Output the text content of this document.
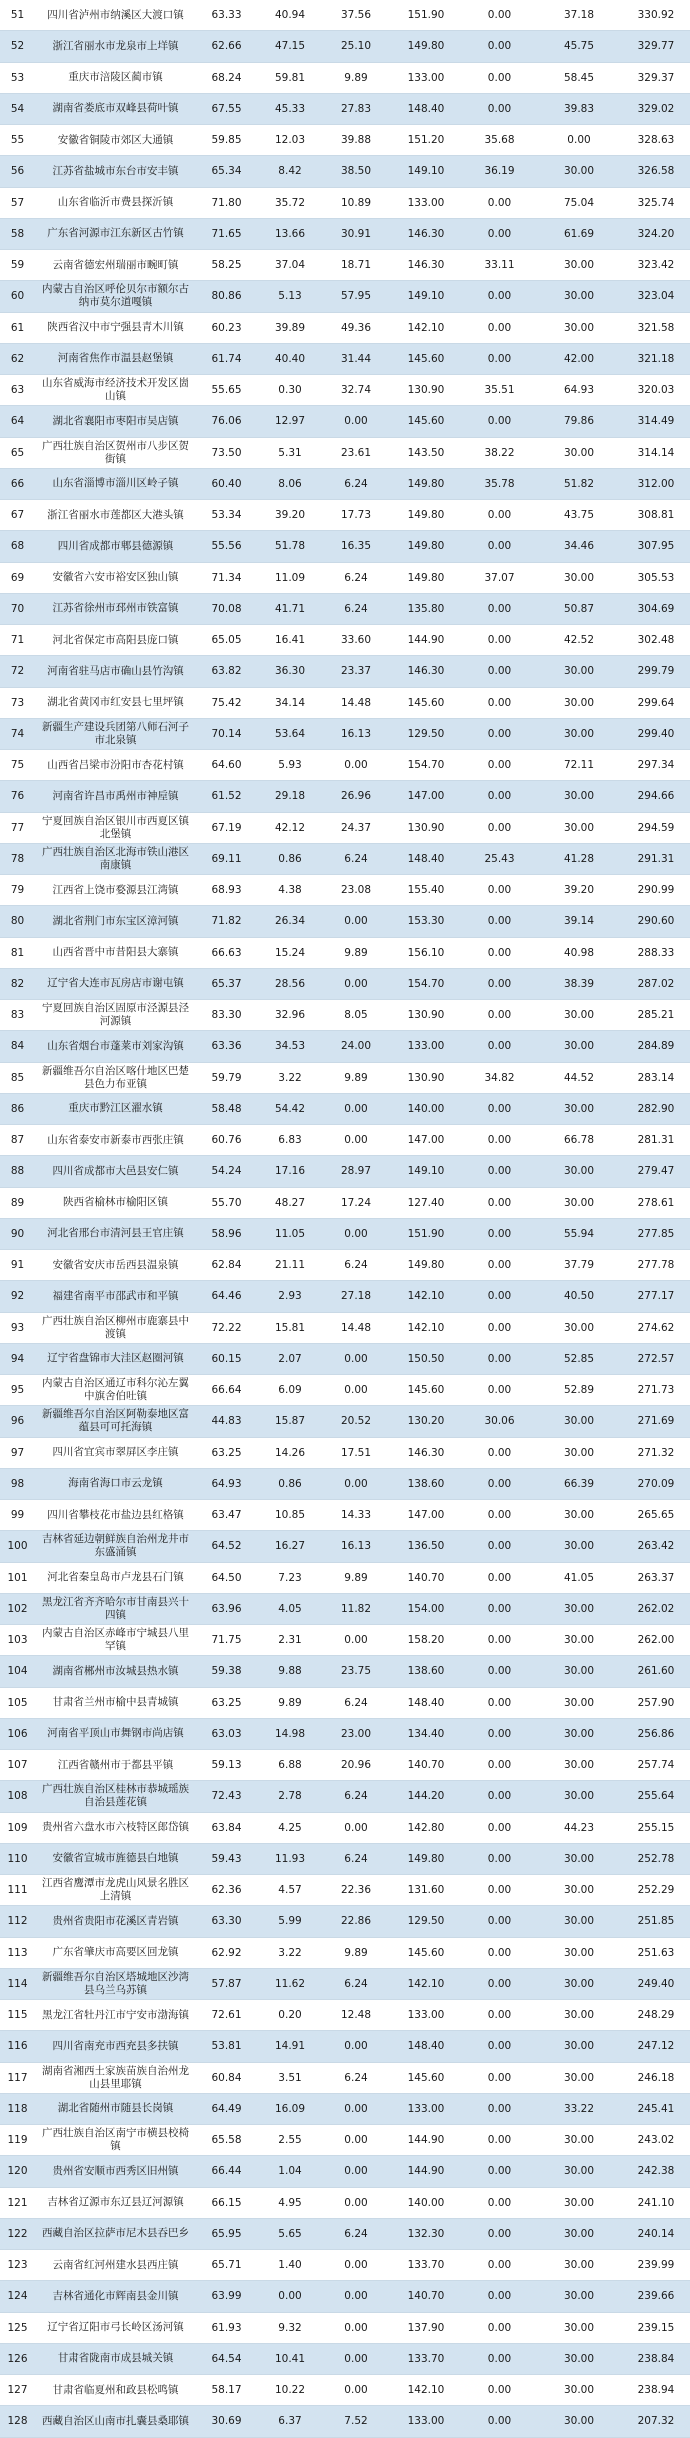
51	四川省泸州市纳溪区大渡口镇	63.33	40.94	37.56	151.90	0.00	37.18	330.92
52	浙江省丽水市龙泉市上垟镇	62.66	47.15	25.10	149.80	0.00	45.75	329.77
53	重庆市涪陵区蔺市镇	68.24	59.81	9.89	133.00	0.00	58.45	329.37
54	湖南省娄底市双峰县荷叶镇	67.55	45.33	27.83	148.40	0.00	39.83	329.02
55	安徽省铜陵市郊区大通镇	59.85	12.03	39.88	151.20	35.68	0.00	328.63
56	江苏省盐城市东台市安丰镇	65.34	8.42	38.50	149.10	36.19	30.00	326.58
57	山东省临沂市费县探沂镇	71.80	35.72	10.89	133.00	0.00	75.04	325.74
58	广东省河源市江东新区古竹镇	71.65	13.66	30.91	146.30	0.00	61.69	324.20
59	云南省德宏州瑞丽市畹町镇	58.25	37.04	18.71	146.30	33.11	30.00	323.42
60	内蒙古自治区呼伦贝尔市额尔古纳市莫尔道嘎镇	80.86	5.13	57.95	149.10	0.00	30.00	323.04
61	陕西省汉中市宁强县青木川镇	60.23	39.89	49.36	142.10	0.00	30.00	321.58
62	河南省焦作市温县赵堡镇	61.74	40.40	31.44	145.60	0.00	42.00	321.18
63	山东省威海市经济技术开发区崮山镇	55.65	0.30	32.74	130.90	35.51	64.93	320.03
64	湖北省襄阳市枣阳市吴店镇	76.06	12.97	0.00	145.60	0.00	79.86	314.49
65	广西壮族自治区贺州市八步区贺街镇	73.50	5.31	23.61	143.50	38.22	30.00	314.14
66	山东省淄博市淄川区岭子镇	60.40	8.06	6.24	149.80	35.78	51.82	312.00
67	浙江省丽水市莲都区大港头镇	53.34	39.20	17.73	149.80	0.00	43.75	308.81
68	四川省成都市郫县德源镇	55.56	51.78	16.35	149.80	0.00	34.46	307.95
69	安徽省六安市裕安区独山镇	71.34	11.09	6.24	149.80	37.07	30.00	305.53
70	江苏省徐州市邳州市铁富镇	70.08	41.71	6.24	135.80	0.00	50.87	304.69
71	河北省保定市高阳县庞口镇	65.05	16.41	33.60	144.90	0.00	42.52	302.48
72	河南省驻马店市确山县竹沟镇	63.82	36.30	23.37	146.30	0.00	30.00	299.79
73	湖北省黄冈市红安县七里坪镇	75.42	34.14	14.48	145.60	0.00	30.00	299.64
74	新疆生产建设兵团第八师石河子市北泉镇	70.14	53.64	16.13	129.50	0.00	30.00	299.40
75	山西省吕梁市汾阳市杏花村镇	64.60	5.93	0.00	154.70	0.00	72.11	297.34
76	河南省许昌市禹州市神垕镇	61.52	29.18	26.96	147.00	0.00	30.00	294.66
77	宁夏回族自治区银川市西夏区镇北堡镇	67.19	42.12	24.37	130.90	0.00	30.00	294.59
78	广西壮族自治区北海市铁山港区南康镇	69.11	0.86	6.24	148.40	25.43	41.28	291.31
79	江西省上饶市婺源县江湾镇	68.93	4.38	23.08	155.40	0.00	39.20	290.99
80	湖北省荆门市东宝区漳河镇	71.82	26.34	0.00	153.30	0.00	39.14	290.60
81	山西省晋中市昔阳县大寨镇	66.63	15.24	9.89	156.10	0.00	40.98	288.33
82	辽宁省大连市瓦房店市谢屯镇	65.37	28.56	0.00	154.70	0.00	38.39	287.02
83	宁夏回族自治区固原市泾源县泾河源镇	83.30	32.96	8.05	130.90	0.00	30.00	285.21
84	山东省烟台市蓬莱市刘家沟镇	63.36	34.53	24.00	133.00	0.00	30.00	284.89
85	新疆维吾尔自治区喀什地区巴楚县色力布亚镇	59.79	3.22	9.89	130.90	34.82	44.52	283.14
86	重庆市黔江区濯水镇	58.48	54.42	0.00	140.00	0.00	30.00	282.90
87	山东省泰安市新泰市西张庄镇	60.76	6.83	0.00	147.00	0.00	66.78	281.31
88	四川省成都市大邑县安仁镇	54.24	17.16	28.97	149.10	0.00	30.00	279.47
89	陕西省榆林市榆阳区镇	55.70	48.27	17.24	127.40	0.00	30.00	278.61
90	河北省邢台市清河县王官庄镇	58.96	11.05	0.00	151.90	0.00	55.94	277.85
91	安徽省安庆市岳西县温泉镇	62.84	21.11	6.24	149.80	0.00	37.79	277.78
92	福建省南平市邵武市和平镇	64.46	2.93	27.18	142.10	0.00	40.50	277.17
93	广西壮族自治区柳州市鹿寨县中渡镇	72.22	15.81	14.48	142.10	0.00	30.00	274.62
94	辽宁省盘锦市大洼区赵圈河镇	60.15	2.07	0.00	150.50	0.00	52.85	272.57
95	内蒙古自治区通辽市科尔沁左翼中旗舍伯吐镇	66.64	6.09	0.00	145.60	0.00	52.89	271.73
96	新疆维吾尔自治区阿勒泰地区富蕴县可可托海镇	44.83	15.87	20.52	130.20	30.06	30.00	271.69
97	四川省宜宾市翠屏区李庄镇	63.25	14.26	17.51	146.30	0.00	30.00	271.32
98	海南省海口市云龙镇	64.93	0.86	0.00	138.60	0.00	66.39	270.09
99	四川省攀枝花市盐边县红格镇	63.47	10.85	14.33	147.00	0.00	30.00	265.65
100	吉林省延边朝鲜族自治州龙井市东盛涌镇	64.52	16.27	16.13	136.50	0.00	30.00	263.42
101	河北省秦皇岛市卢龙县石门镇	64.50	7.23	9.89	140.70	0.00	41.05	263.37
102	黑龙江省齐齐哈尔市甘南县兴十四镇	63.96	4.05	11.82	154.00	0.00	30.00	262.02
103	内蒙古自治区赤峰市宁城县八里罕镇	71.75	2.31	0.00	158.20	0.00	30.00	262.00
104	湖南省郴州市汝城县热水镇	59.38	9.88	23.75	138.60	0.00	30.00	261.60
105	甘肃省兰州市榆中县青城镇	63.25	9.89	6.24	148.40	0.00	30.00	257.90
106	河南省平顶山市舞钢市尚店镇	63.03	14.98	23.00	134.40	0.00	30.00	256.86
107	江西省赣州市于都县平镇	59.13	6.88	20.96	140.70	0.00	30.00	257.74
108	广西壮族自治区桂林市恭城瑶族自治县莲花镇	72.43	2.78	6.24	144.20	0.00	30.00	255.64
109	贵州省六盘水市六枝特区郎岱镇	63.84	4.25	0.00	142.80	0.00	44.23	255.15
110	安徽省宣城市旌德县白地镇	59.43	11.93	6.24	149.80	0.00	30.00	252.78
111	江西省鹰潭市龙虎山风景名胜区上清镇	62.36	4.57	22.36	131.60	0.00	30.00	252.29
112	贵州省贵阳市花溪区青岩镇	63.30	5.99	22.86	129.50	0.00	30.00	251.85
113	广东省肇庆市高要区回龙镇	62.92	3.22	9.89	145.60	0.00	30.00	251.63
114	新疆维吾尔自治区塔城地区沙湾县乌兰乌苏镇	57.87	11.62	6.24	142.10	0.00	30.00	249.40
115	黑龙江省牡丹江市宁安市渤海镇	72.61	0.20	12.48	133.00	0.00	30.00	248.29
116	四川省南充市西充县多扶镇	53.81	14.91	0.00	148.40	0.00	30.00	247.12
117	湖南省湘西土家族苗族自治州龙山县里耶镇	60.84	3.51	6.24	145.60	0.00	30.00	246.18
118	湖北省随州市随县长岗镇	64.49	16.09	0.00	133.00	0.00	33.22	245.41
119	广西壮族自治区南宁市横县校椅镇	65.58	2.55	0.00	144.90	0.00	30.00	243.02
120	贵州省安顺市西秀区旧州镇	66.44	1.04	0.00	144.90	0.00	30.00	242.38
121	吉林省辽源市东辽县辽河源镇	66.15	4.95	0.00	140.00	0.00	30.00	241.10
122	西藏自治区拉萨市尼木县吞巴乡	65.95	5.65	6.24	132.30	0.00	30.00	240.14
123	云南省红河州建水县西庄镇	65.71	1.40	0.00	133.70	0.00	30.00	239.99
124	吉林省通化市辉南县金川镇	63.99	0.00	0.00	140.70	0.00	30.00	239.66
125	辽宁省辽阳市弓长岭区汤河镇	61.93	9.32	0.00	137.90	0.00	30.00	239.15
126	甘肃省陇南市成县城关镇	64.54	10.41	0.00	133.70	0.00	30.00	238.84
127	甘肃省临夏州和政县松鸣镇	58.17	10.22	0.00	142.10	0.00	30.00	238.94
128	西藏自治区山南市扎囊县桑耶镇	30.69	6.37	7.52	133.00	0.00	30.00	207.32
